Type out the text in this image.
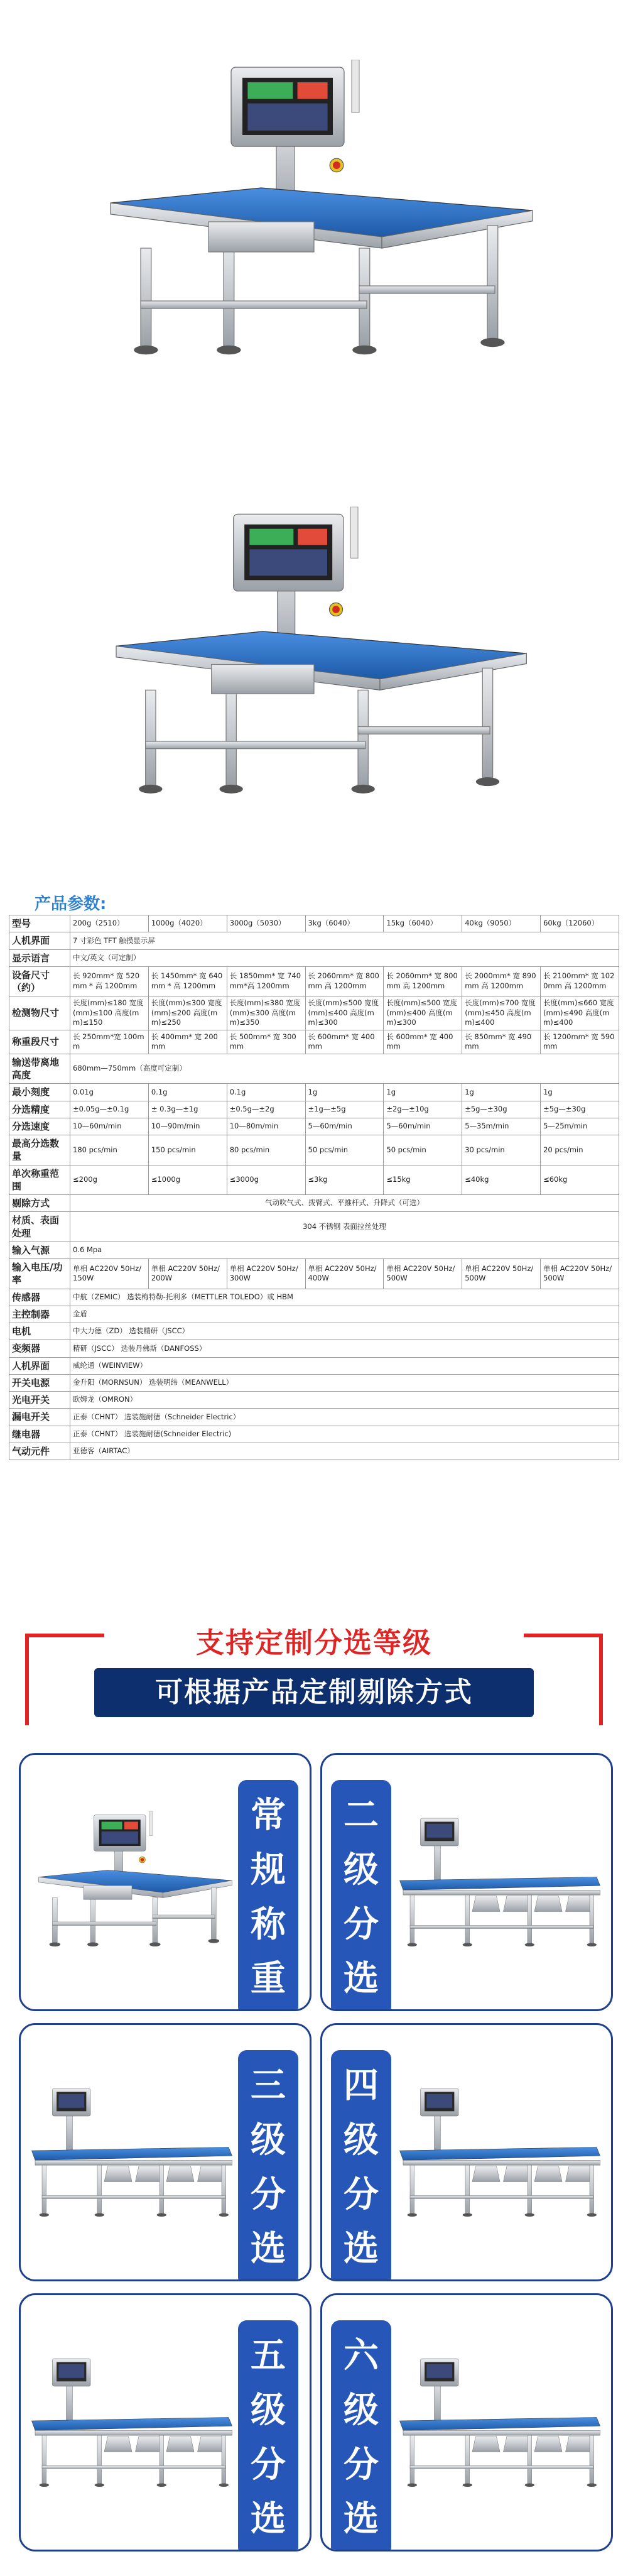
产品参数:
型号	200g（2510）	1000g（4020）	3000g（5030）	3kg（6040）	15kg（6040）	40kg（9050）	60kg（12060）
人机界面	7 寸彩色 TFT 触摸显示屏						
显示语言	中文/英文（可定制）						
设备尺寸（约）	长 920mm* 宽 520mm * 高 1200mm	长 1450mm* 宽 640mm * 高 1200mm	长 1850mm* 宽 740mm*高 1200mm	长 2060mm* 宽 800mm 高 1200mm	长 2060mm* 宽 800mm 高 1200mm	长 2000mm* 宽 890mm 高 1200mm	长 2100mm* 宽 1020mm 高 1200mm
检测物尺寸	长度(mm)≤180 宽度(mm)≤100 高度(mm)≤150	长度(mm)≤300 宽度(mm)≤200 高度(mm)≤250	长度(mm)≤380 宽度(mm)≤300 高度(mm)≤350	长度(mm)≤500 宽度(mm)≤400 高度(mm)≤300	长度(mm)≤500 宽度(mm)≤400 高度(mm)≤300	长度(mm)≤700 宽度(mm)≤450 高度(mm)≤400	长度(mm)≤660 宽度(mm)≤490 高度(mm)≤400
称重段尺寸	长 250mm*宽 100mm	长 400mm* 宽 200mm	长 500mm* 宽 300mm	长 600mm* 宽 400mm	长 600mm* 宽 400mm	长 850mm* 宽 490mm	长 1200mm* 宽 590mm
输送带离地高度	680mm—750mm（高度可定制）						
最小刻度	0.01g	0.1g	0.1g	1g	1g	1g	1g
分选精度	±0.05g—±0.1g	± 0.3g—±1g	±0.5g—±2g	±1g—±5g	±2g—±10g	±5g—±30g	±5g—±30g
分选速度	10—60m/min	10—90m/min	10—80m/min	5—60m/min	5—60m/min	5—35m/min	5—25m/min
最高分选数量	180 pcs/min	150 pcs/min	80 pcs/min	50 pcs/min	50 pcs/min	30 pcs/min	20 pcs/min
单次称重范围	≤200g	≤1000g	≤3000g	≤3kg	≤15kg	≤40kg	≤60kg
剔除方式	气动吹气式、拨臂式、平推杆式、升降式（可选）						
材质、表面处理	304 不锈钢 表面拉丝处理						
输入气源	0.6 Mpa						
输入电压/功率	单相 AC220V 50Hz/150W	单相 AC220V 50Hz/200W	单相 AC220V 50Hz/300W	单相 AC220V 50Hz/400W	单相 AC220V 50Hz/500W	单相 AC220V 50Hz/500W	单相 AC220V 50Hz/500W
传感器	中航（ZEMIC） 选装梅特勒-托利多（METTLER TOLEDO）或 HBM						
主控制器	金盾						
电机	中大力德（ZD） 选装精研（JSCC）						
变频器	精研（JSCC） 选装丹佛斯（DANFOSS）						
人机界面	威纶通（WEINVIEW）						
开关电源	金升阳（MORNSUN） 选装明纬（MEANWELL）						
光电开关	欧姆龙（OMRON）						
漏电开关	正泰（CHNT） 选装施耐德（Schneider Electric）						
继电器	正泰（CHNT） 选装施耐德(Schneider Electric)						
气动元件	亚德客（AIRTAC）						
支持定制分选等级
可根据产品定制剔除方式
常
规
称
重
二
级
分
选
三
级
分
选
四
级
分
选
五
级
分
选
六
级
分
选
